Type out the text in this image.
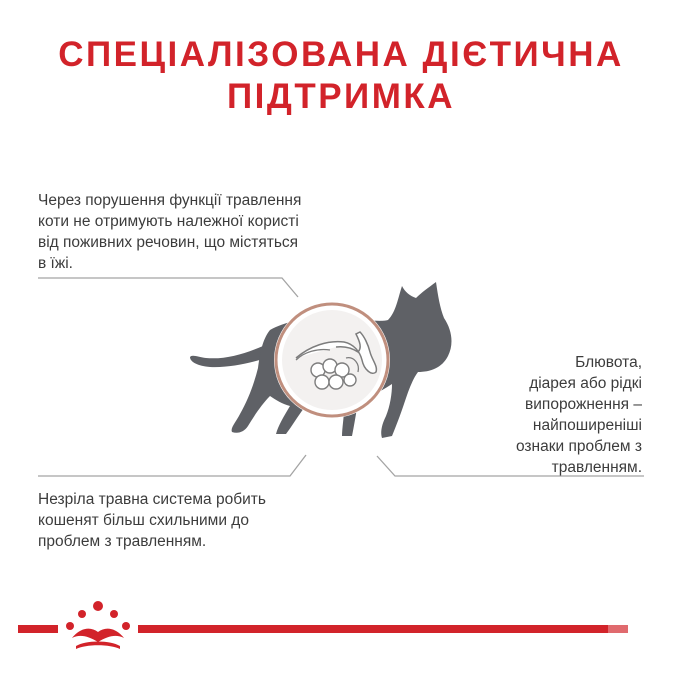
СПЕЦІАЛІЗОВАНА ДІЄТИЧНА
ПІДТРИМКА
Через порушення функції травлення
коти не отримують належної користі
від поживних речовин, що містяться
в їжі.
Блювота,
діарея або рідкі
випорожнення –
найпоширеніші
ознаки проблем з
травленням.
Незріла травна система робить
кошенят більш схильними до
проблем з травленням.
